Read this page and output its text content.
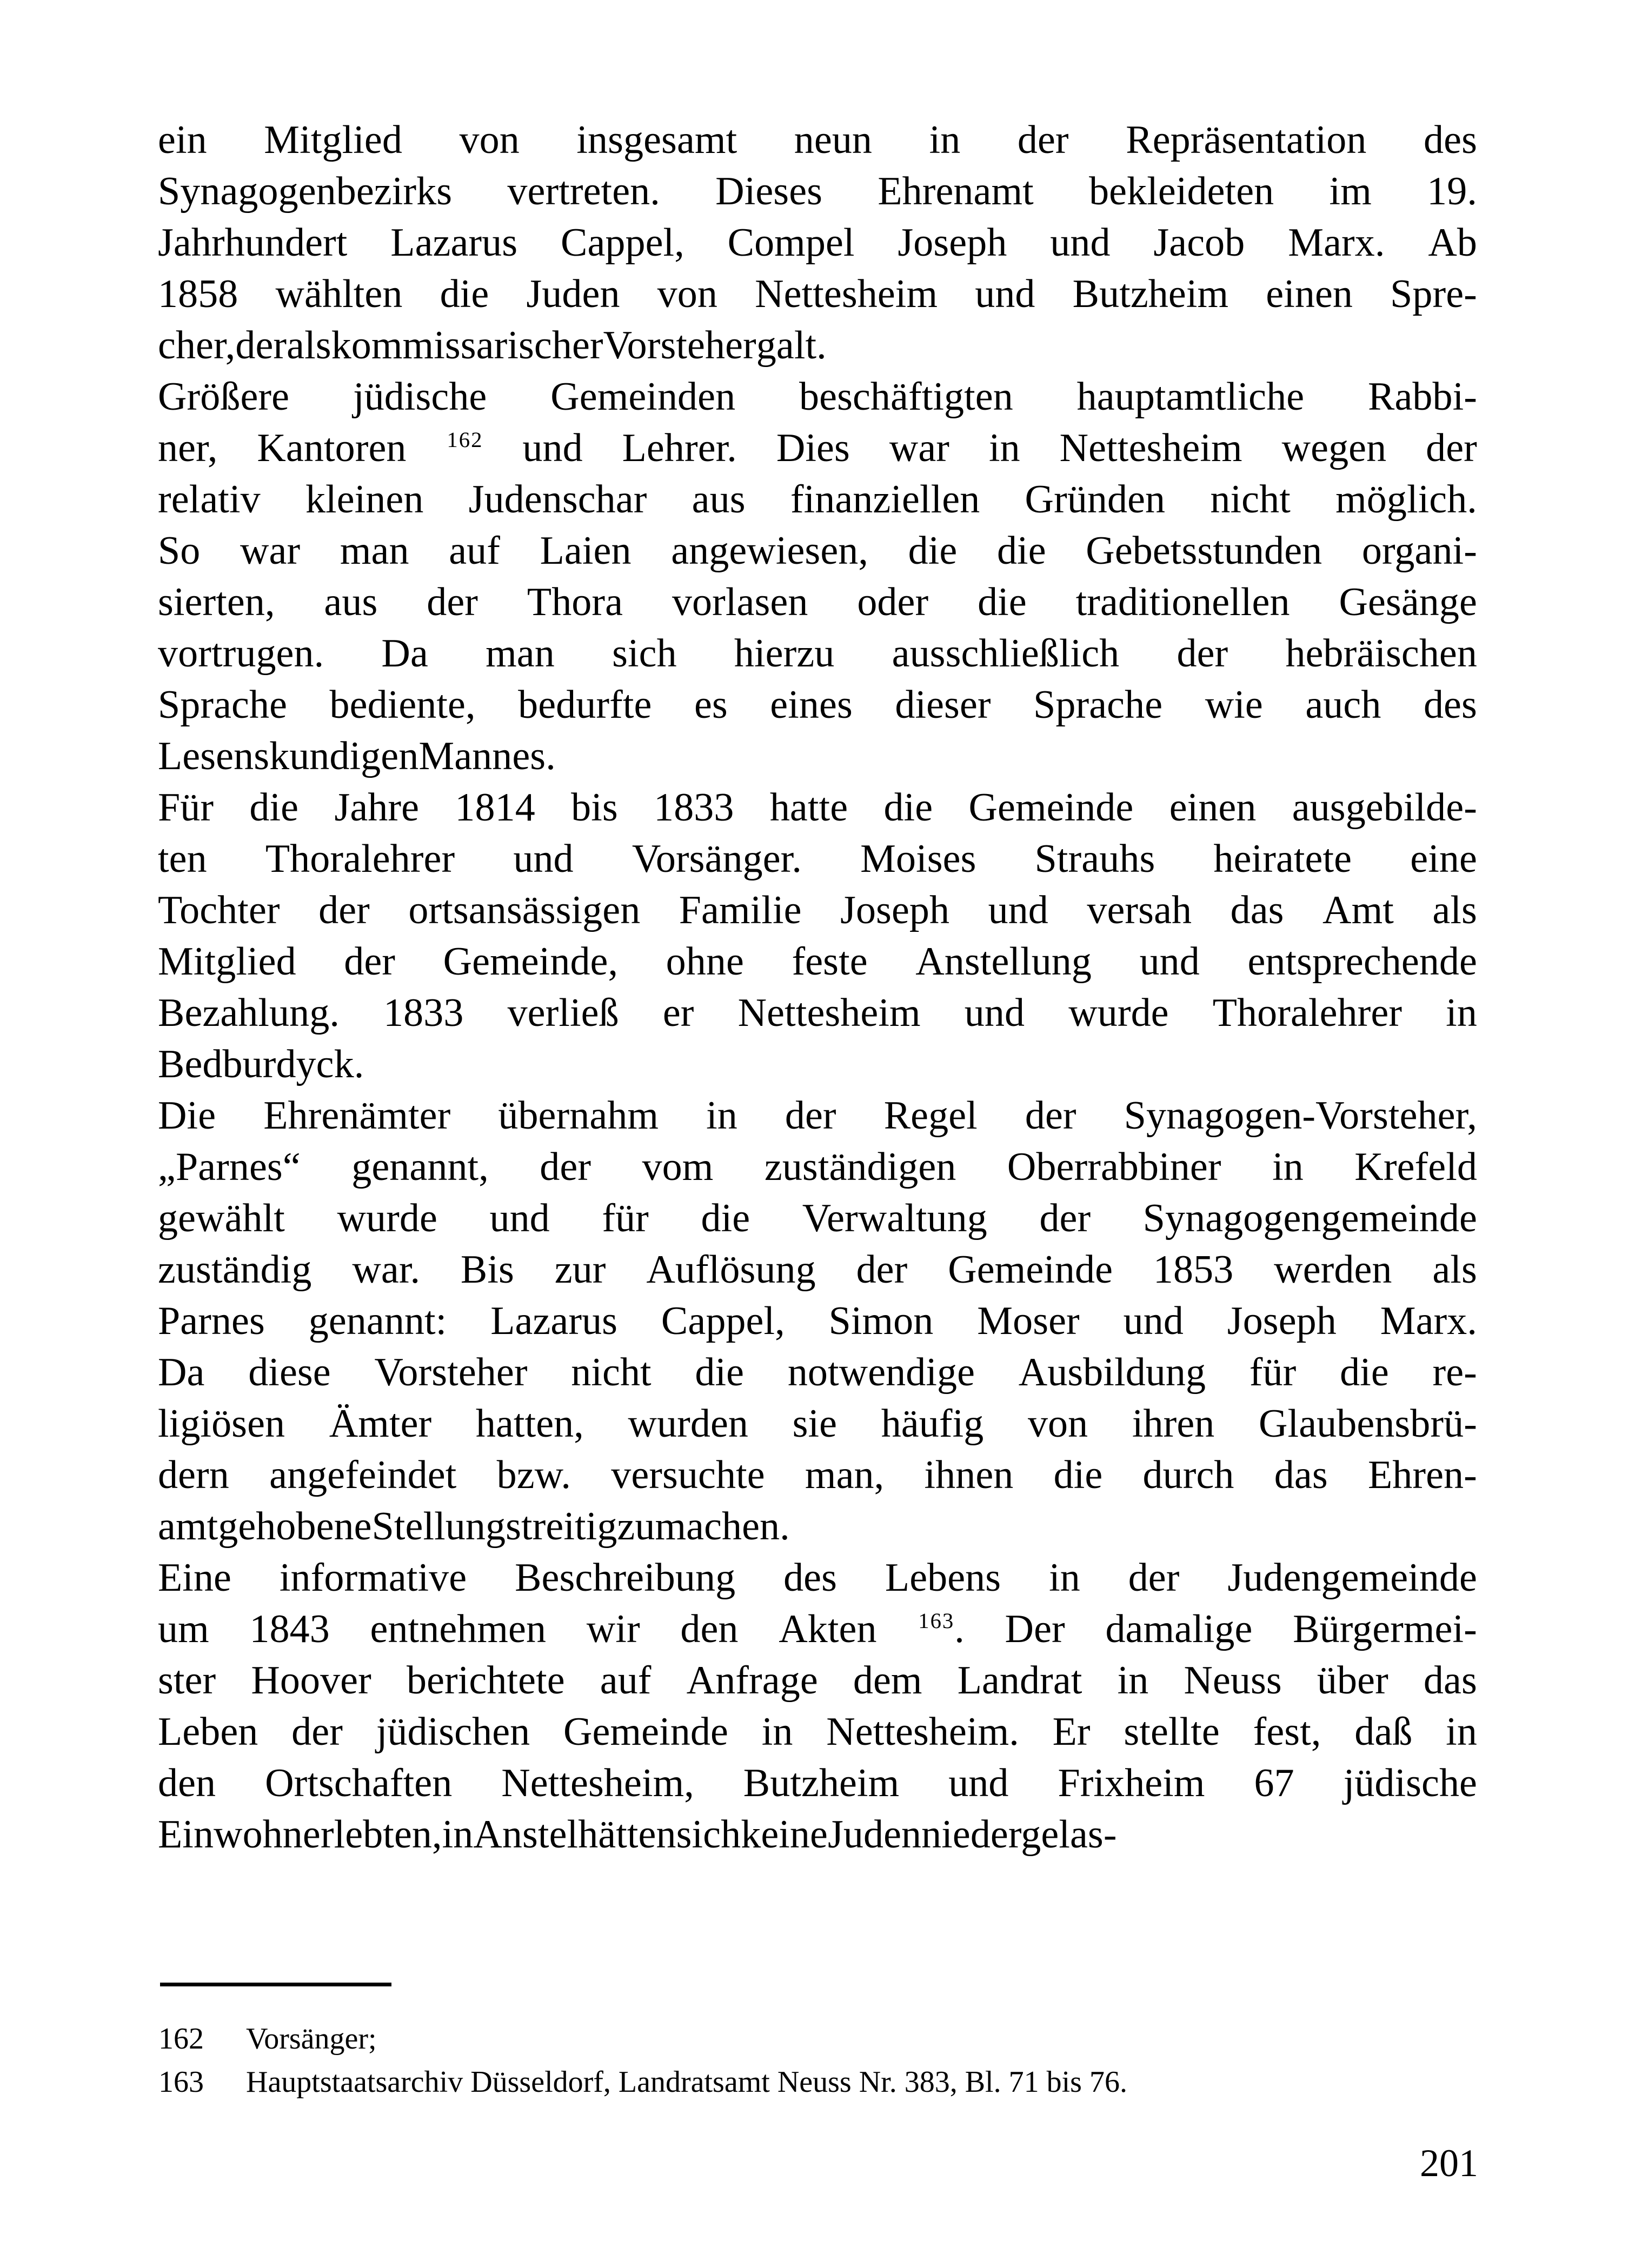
ein Mitglied von insgesamt neun in der Repräsentation des
Synagogenbezirks vertreten. Dieses Ehrenamt bekleideten im 19.
Jahrhundert Lazarus Cappel, Compel Joseph und Jacob Marx. Ab
1858 wählten die Juden von Nettesheim und Butzheim einen Spre-
cher,deralskommissarischerVorstehergalt.
Größere jüdische Gemeinden beschäftigten hauptamtliche Rabbi-
ner, Kantoren $^{162}$ und Lehrer. Dies war in Nettesheim wegen der
relativ kleinen Judenschar aus finanziellen Gründen nicht möglich.
So war man auf Laien angewiesen, die die Gebetsstunden organi-
sierten, aus der Thora vorlasen oder die traditionellen Gesänge
vortrugen. Da man sich hierzu ausschließlich der hebräischen
Sprache bediente, bedurfte es eines dieser Sprache wie auch des
LesenskundigenMannes.
Für die Jahre 1814 bis 1833 hatte die Gemeinde einen ausgebilde-
ten Thoralehrer und Vorsänger. Moises Strauhs heiratete eine
Tochter der ortsansässigen Familie Joseph und versah das Amt als
Mitglied der Gemeinde, ohne feste Anstellung und entsprechende
Bezahlung. 1833 verließ er Nettesheim und wurde Thoralehrer in
Bedburdyck.
Die Ehrenämter übernahm in der Regel der Synagogen-Vorsteher,
„Parnes“ genannt, der vom zuständigen Oberrabbiner in Krefeld
gewählt wurde und für die Verwaltung der Synagogengemeinde
zuständig war. Bis zur Auflösung der Gemeinde 1853 werden als
Parnes genannt: Lazarus Cappel, Simon Moser und Joseph Marx.
Da diese Vorsteher nicht die notwendige Ausbildung für die re-
ligiösen Ämter hatten, wurden sie häufig von ihren Glaubensbrü-
dern angefeindet bzw. versuchte man, ihnen die durch das Ehren-
amtgehobeneStellungstreitigzumachen.
Eine informative Beschreibung des Lebens in der Judengemeinde
um 1843 entnehmen wir den Akten $^{163}$. Der damalige Bürgermei-
ster Hoover berichtete auf Anfrage dem Landrat in Neuss über das
Leben der jüdischen Gemeinde in Nettesheim. Er stellte fest, daß in
den Ortschaften Nettesheim, Butzheim und Frixheim 67 jüdische
Einwohnerlebten,inAnstelhättensichkeineJudenniedergelas-
162	Vorsänger;
163	Hauptstaatsarchiv Düsseldorf, Landratsamt Neuss Nr. 383, Bl. 71 bis 76.
201
